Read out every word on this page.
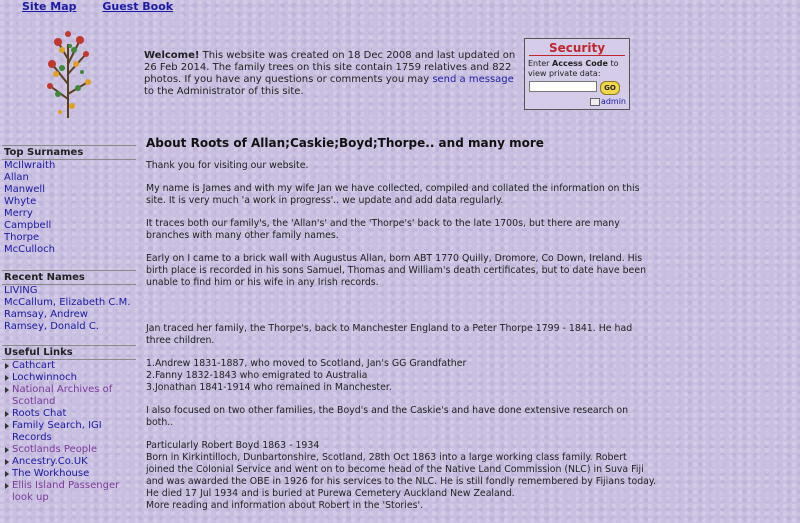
Site Map Guest Book
Welcome! This website was created on 18 Dec 2008 and last updated on 26 Feb 2014. The family trees on this site contain 1759 relatives and 822 photos. If you have any questions or comments you may send a message to the Administrator of this site.
Security
Enter Access Code to view private data:
GO
admin
Top Surnames
McIlwraith
Allan
Manwell
Whyte
Merry
Campbell
Thorpe
McCulloch
Recent Names
LIVING
McCallum, Elizabeth C.M.
Ramsay, Andrew
Ramsey, Donald C.
Useful Links
Cathcart
Lochwinnoch
National Archives of Scotland
Roots Chat
Family Search, IGI Records
Scotlands People
Ancestry.Co.UK
The Workhouse
Ellis Island Passenger look up
About Roots of Allan;Caskie;Boyd;Thorpe.. and many more

Thank you for visiting our website.

My name is James and with my wife Jan we have collected, compiled and collated the information on this site. It is very much 'a work in progress'.. we update and add data regularly.

It traces both our family's, the 'Allan's' and the 'Thorpe's' back to the late 1700s, but there are many branches with many other family names.

Early on I came to a brick wall with Augustus Allan, born ABT 1770 Quilly, Dromore, Co Down, Ireland. His birth place is recorded in his sons Samuel, Thomas and William's death certificates, but to date have been unable to find him or his wife in any Irish records.

Jan traced her family, the Thorpe's, back to Manchester England to a Peter Thorpe 1799 - 1841. He had three children.

1.Andrew 1831-1887, who moved to Scotland, Jan's GG Grandfather
2.Fanny 1832-1843 who emigrated to Australia
3.Jonathan 1841-1914 who remained in Manchester.

I also focused on two other families, the Boyd's and the Caskie's and have done extensive research on both..

Particularly Robert Boyd 1863 - 1934
Born in Kirkintilloch, Dunbartonshire, Scotland, 28th Oct 1863 into a large working class family. Robert joined the Colonial Service and went on to become head of the Native Land Commission (NLC) in Suva Fiji and was awarded the OBE in 1926 for his services to the NLC. He is still fondly remembered by Fijians today.
He died 17 Jul 1934 and is buried at Purewa Cemetery Auckland New Zealand.
More reading and information about Robert in the 'Stories'.
